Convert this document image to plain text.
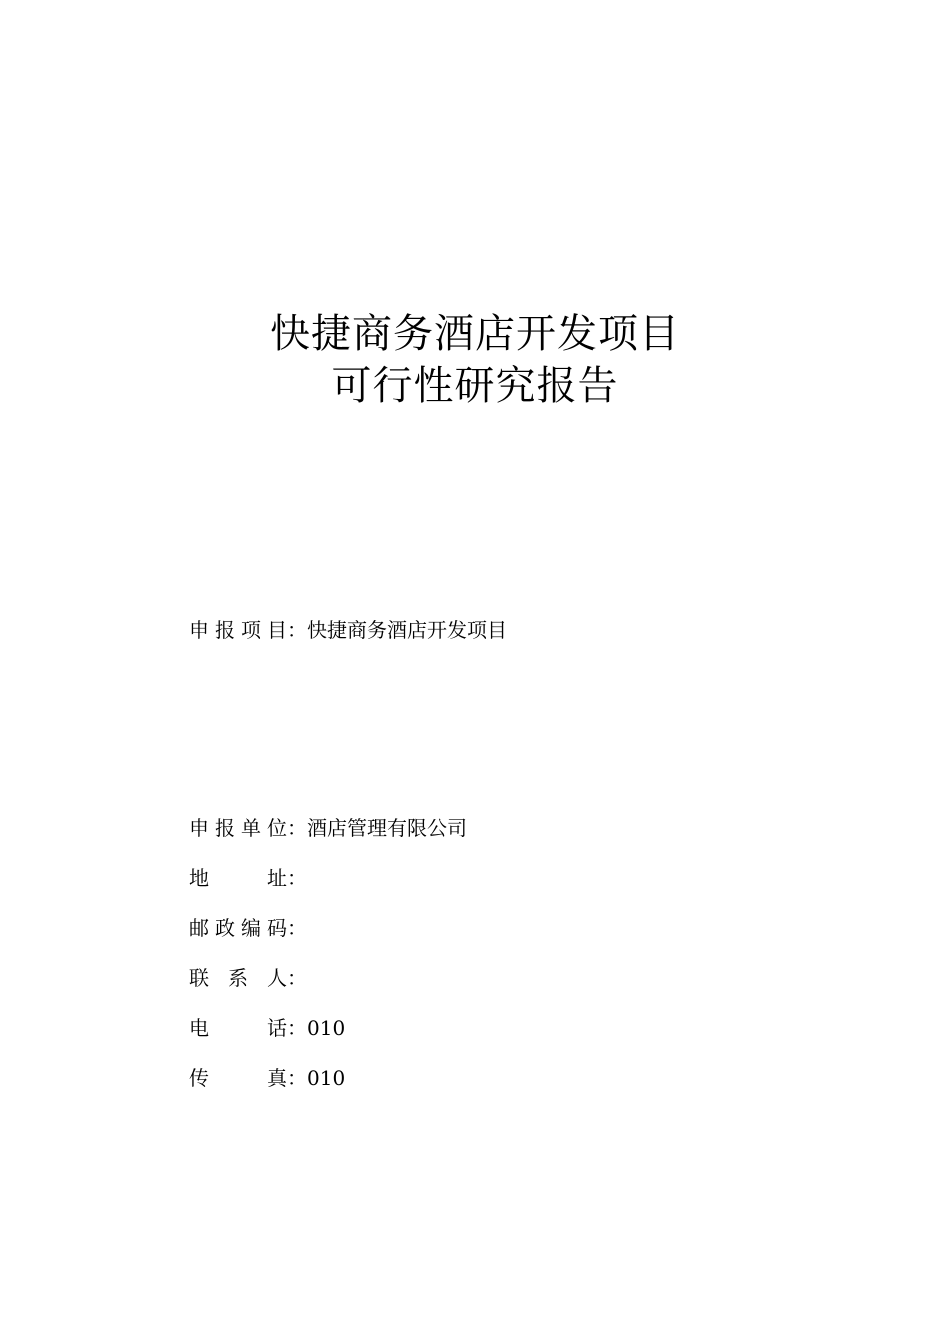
快捷商务酒店开发项目
可行性研究报告
申报项目 ： 快捷商务酒店开发项目
申报单位 ： 酒店管理有限公司
地址 ：
邮政编码 ：
联系人 ：
电话 ： 010
传真 ： 010
